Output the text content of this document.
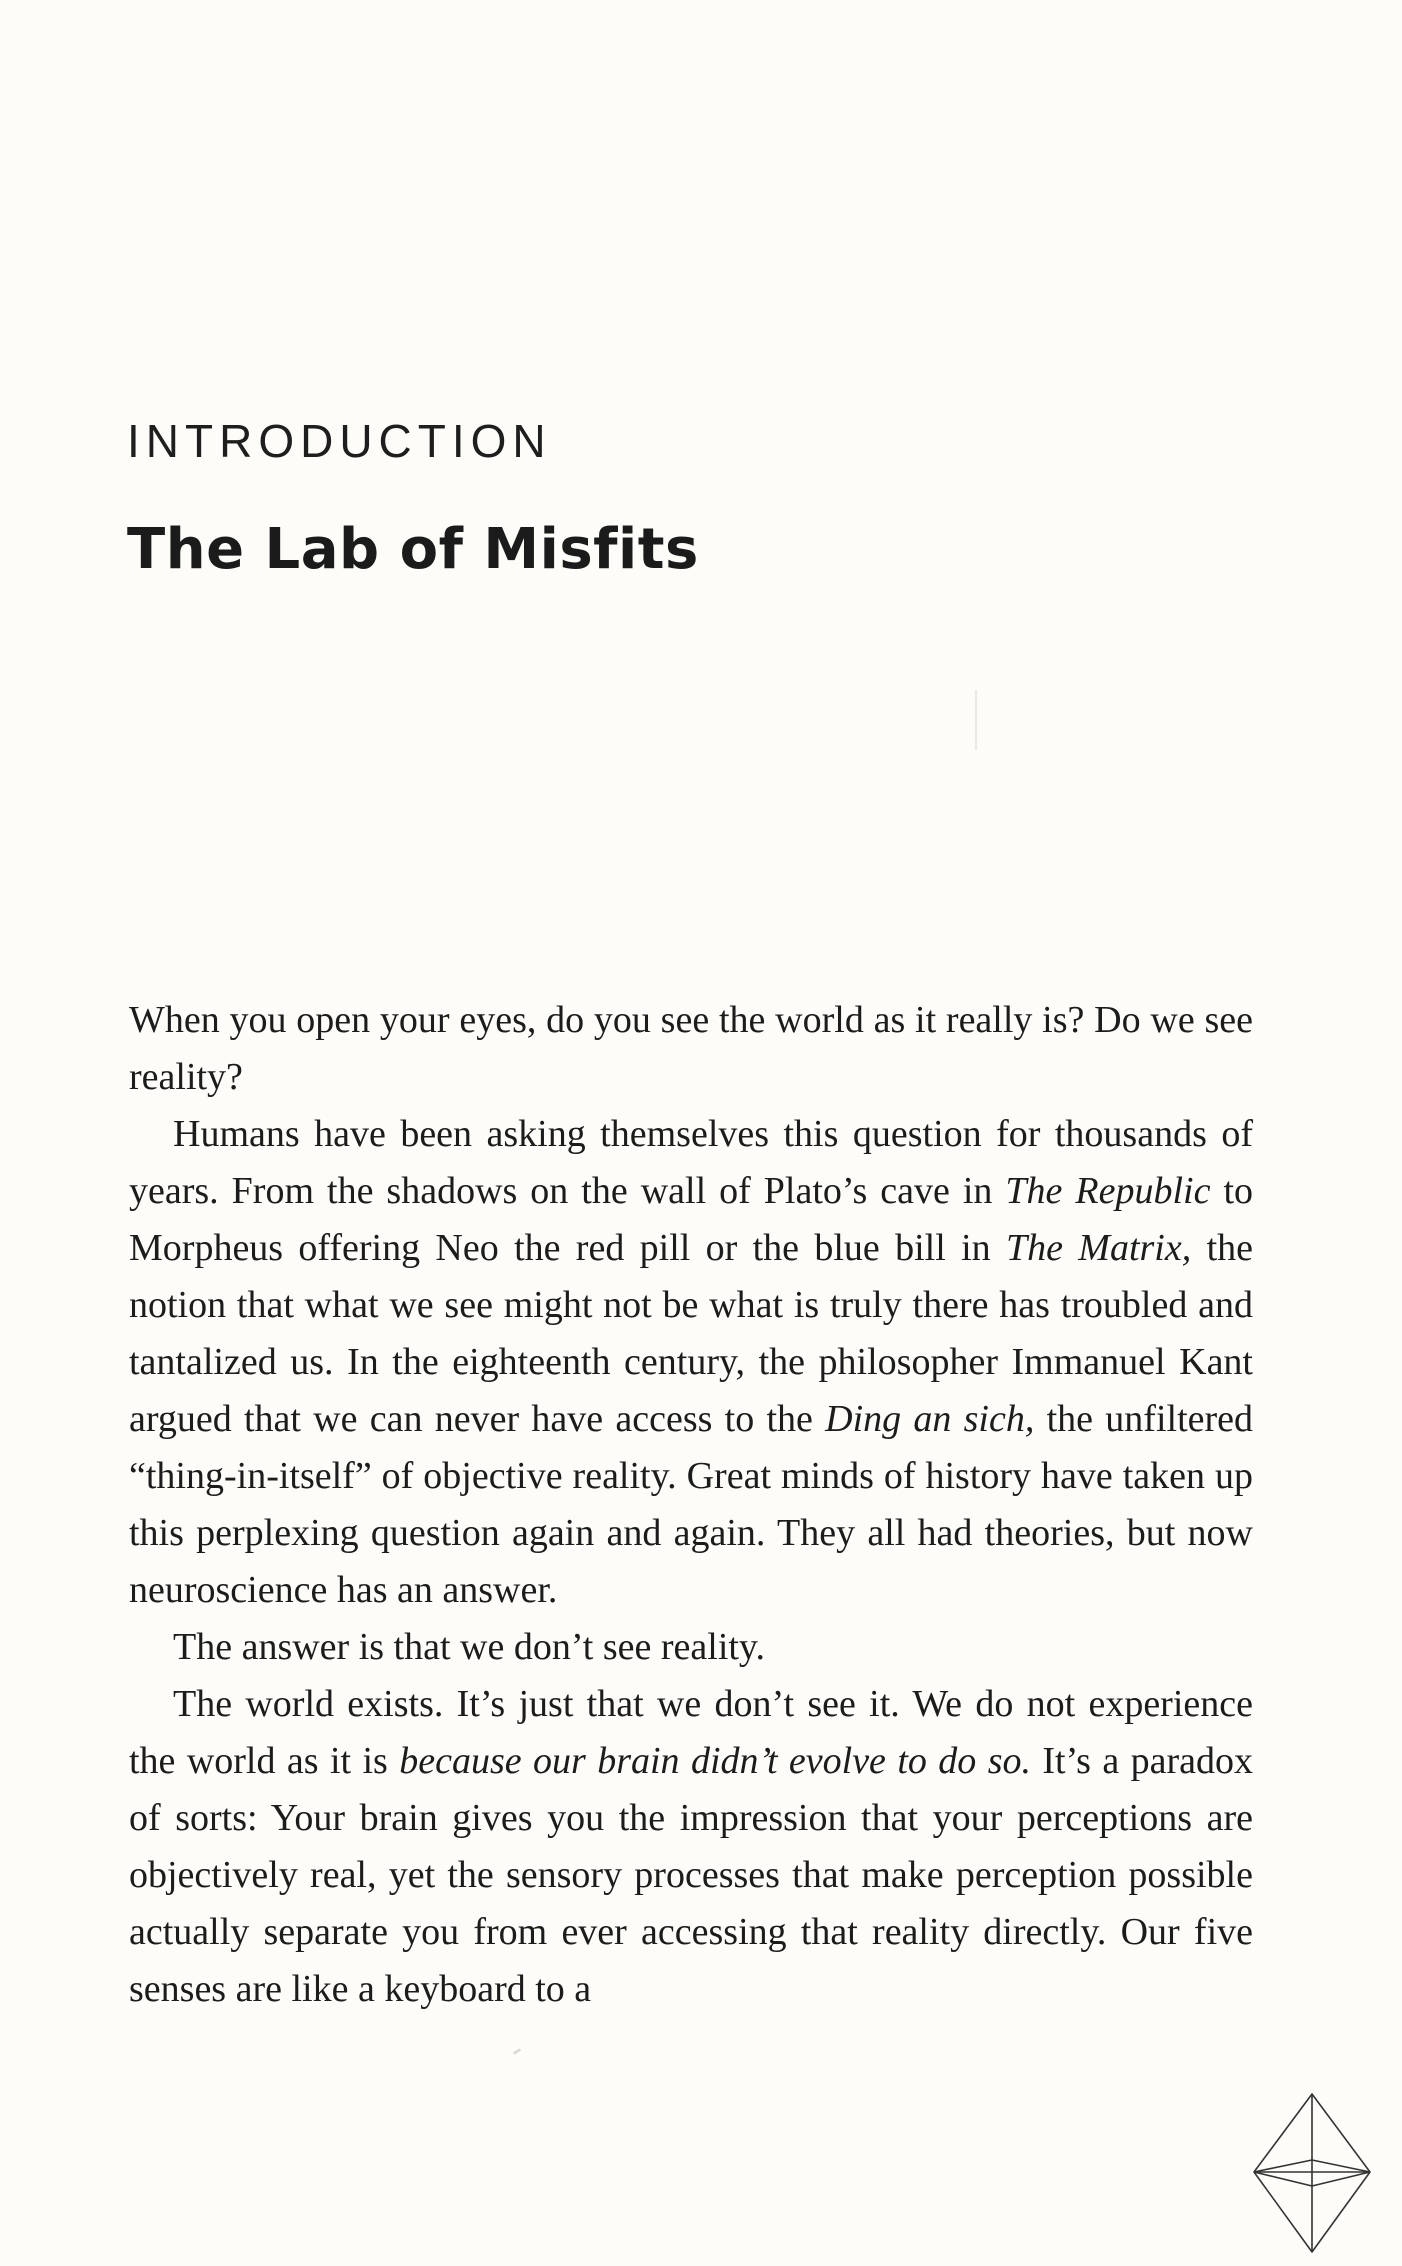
INTRODUCTION
The Lab of Misfits

When you open your eyes, do you see the world as it really is? Do we see reality?

Humans have been asking themselves this question for thousands of years. From the shadows on the wall of Plato’s cave in The Republic to Morpheus offering Neo the red pill or the blue bill in The Matrix, the notion that what we see might not be what is truly there has troubled and tantalized us. In the eighteenth century, the philosopher Immanuel Kant argued that we can never have access to the Ding an sich, the unfiltered “thing-in-itself” of objective reality. Great minds of history have taken up this perplexing question again and again. They all had theories, but now neuroscience has an answer.

The answer is that we don’t see reality.

The world exists. It’s just that we don’t see it. We do not experience the world as it is because our brain didn’t evolve to do so. It’s a paradox of sorts: Your brain gives you the impression that your perceptions are objectively real, yet the sensory processes that make perception possible actually separate you from ever accessing that reality directly. Our five senses are like a keyboard to a
